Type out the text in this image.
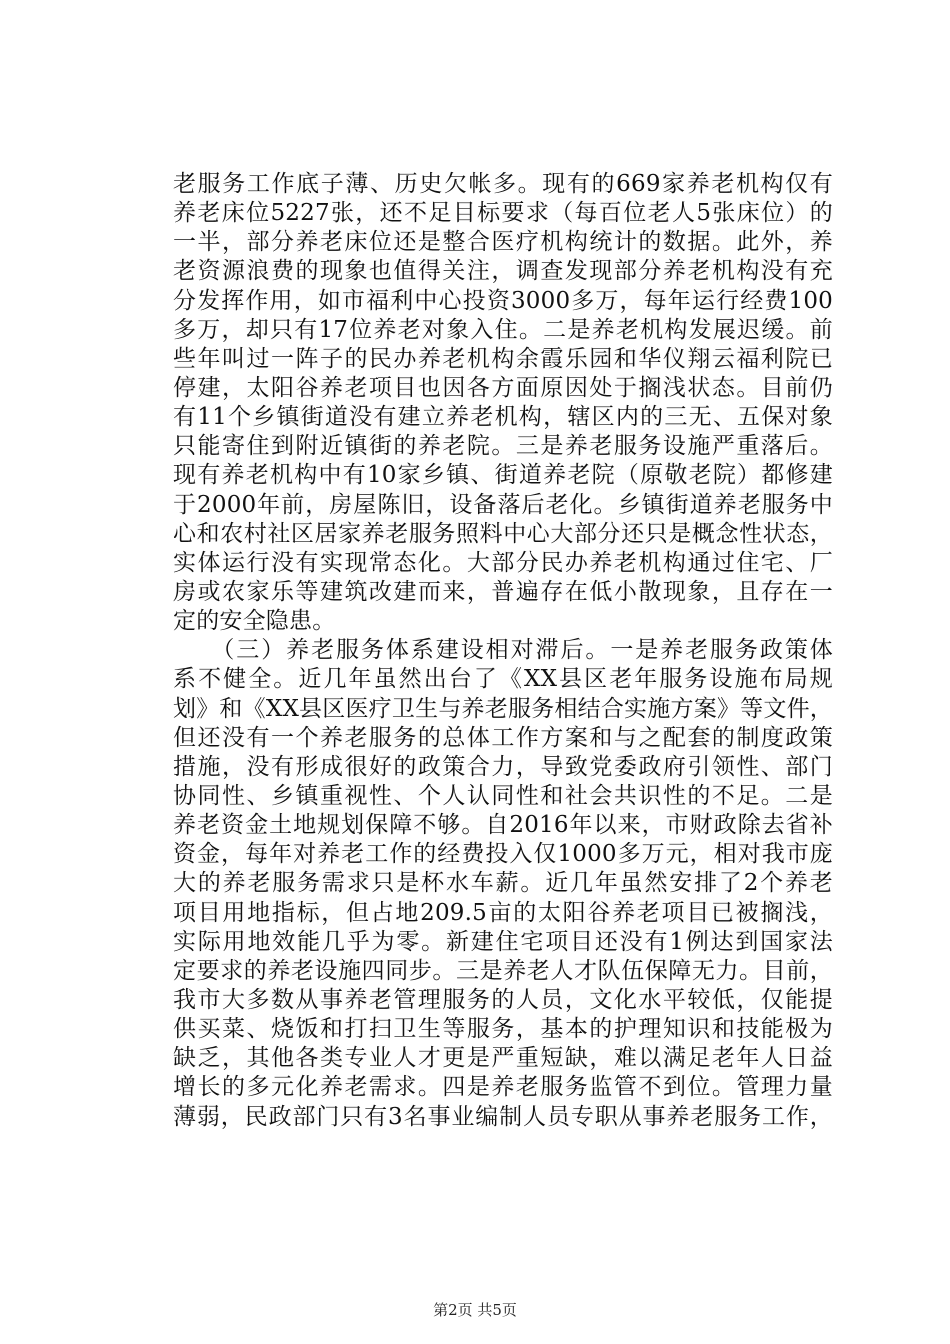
老服务工作底子薄、历史欠帐多。现有的669家养老机构仅有
养老床位5227张，还不足目标要求（每百位老人5张床位）的
一半，部分养老床位还是整合医疗机构统计的数据。此外，养
老资源浪费的现象也值得关注，调查发现部分养老机构没有充
分发挥作用，如市福利中心投资3000多万，每年运行经费100
多万，却只有17位养老对象入住。二是养老机构发展迟缓。前
些年叫过一阵子的民办养老机构余霞乐园和华仪翔云福利院已
停建，太阳谷养老项目也因各方面原因处于搁浅状态。目前仍
有11个乡镇街道没有建立养老机构，辖区内的三无、五保对象
只能寄住到附近镇街的养老院。三是养老服务设施严重落后。
现有养老机构中有10家乡镇、街道养老院（原敬老院）都修建
于2000年前，房屋陈旧，设备落后老化。乡镇街道养老服务中
心和农村社区居家养老服务照料中心大部分还只是概念性状态，
实体运行没有实现常态化。大部分民办养老机构通过住宅、厂
房或农家乐等建筑改建而来，普遍存在低小散现象，且存在一
定的安全隐患。
　　（三）养老服务体系建设相对滞后。一是养老服务政策体
系不健全。近几年虽然出台了《XX县区老年服务设施布局规
划》和《XX县区医疗卫生与养老服务相结合实施方案》等文件，
但还没有一个养老服务的总体工作方案和与之配套的制度政策
措施，没有形成很好的政策合力，导致党委政府引领性、部门
协同性、乡镇重视性、个人认同性和社会共识性的不足。二是
养老资金土地规划保障不够。自2016年以来，市财政除去省补
资金，每年对养老工作的经费投入仅1000多万元，相对我市庞
大的养老服务需求只是杯水车薪。近几年虽然安排了2个养老
项目用地指标，但占地209.5亩的太阳谷养老项目已被搁浅，
实际用地效能几乎为零。新建住宅项目还没有1例达到国家法
定要求的养老设施四同步。三是养老人才队伍保障无力。目前，
我市大多数从事养老管理服务的人员，文化水平较低，仅能提
供买菜、烧饭和打扫卫生等服务，基本的护理知识和技能极为
缺乏，其他各类专业人才更是严重短缺，难以满足老年人日益
增长的多元化养老需求。四是养老服务监管不到位。管理力量
薄弱，民政部门只有3名事业编制人员专职从事养老服务工作，
第2页 共5页
